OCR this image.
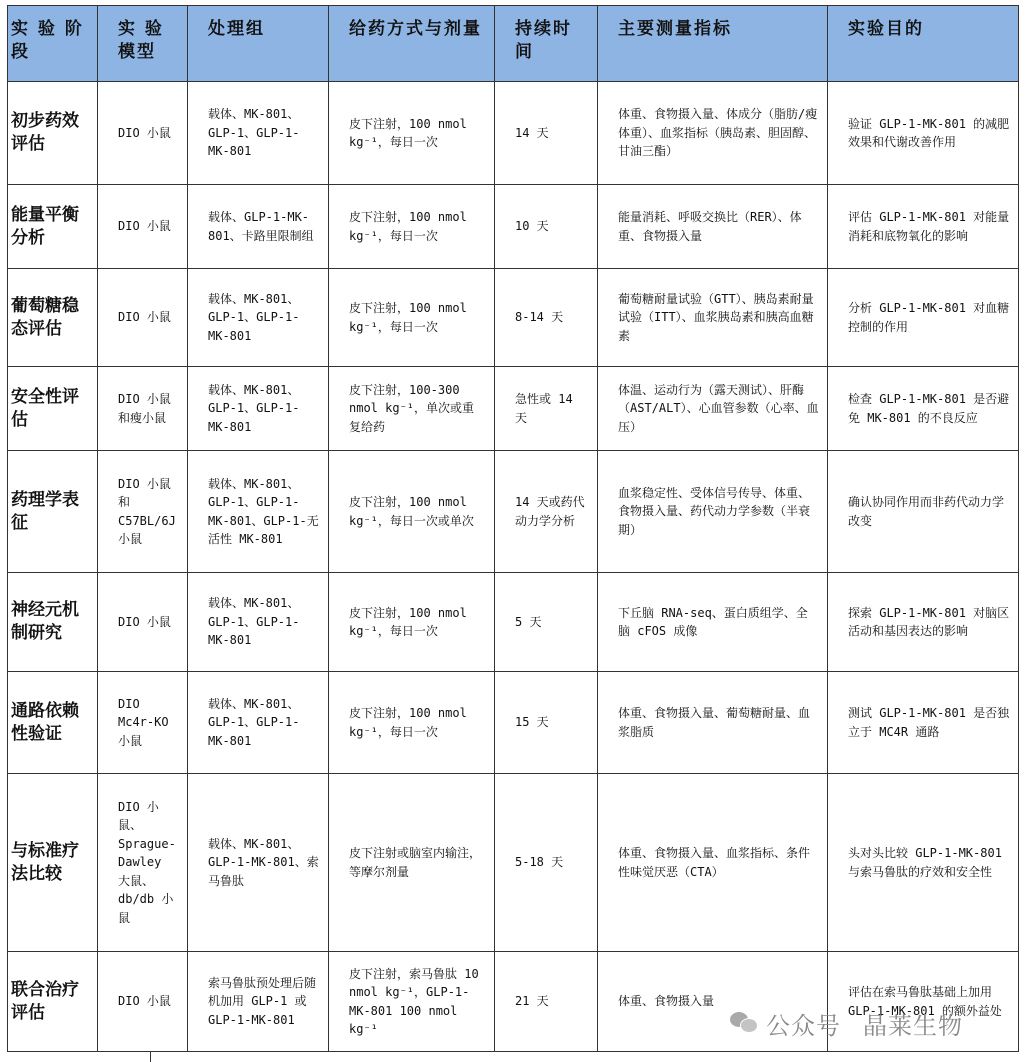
实 验 阶 段	实 验 模型	处理组	给药方式与剂量	持续时间	主要测量指标	实验目的
初步药效评估	DIO 小鼠	载体、MK-801、GLP-1、GLP-1-MK-801	皮下注射，100 nmol kg⁻¹，每日一次	14 天	体重、食物摄入量、体成分（脂肪/瘦体重）、血浆指标（胰岛素、胆固醇、甘油三酯）	验证 GLP-1-MK-801 的减肥效果和代谢改善作用
能量平衡分析	DIO 小鼠	载体、GLP-1-MK-801、卡路里限制组	皮下注射，100 nmol kg⁻¹，每日一次	10 天	能量消耗、呼吸交换比（RER）、体重、食物摄入量	评估 GLP-1-MK-801 对能量消耗和底物氧化的影响
葡萄糖稳态评估	DIO 小鼠	载体、MK-801、GLP-1、GLP-1-MK-801	皮下注射，100 nmol kg⁻¹，每日一次	8-14 天	葡萄糖耐量试验（GTT）、胰岛素耐量试验（ITT）、血浆胰岛素和胰高血糖素	分析 GLP-1-MK-801 对血糖控制的作用
安全性评估	DIO 小鼠和瘦小鼠	载体、MK-801、GLP-1、GLP-1-MK-801	皮下注射，100-300 nmol kg⁻¹，单次或重复给药	急性或 14 天	体温、运动行为（露天测试）、肝酶（AST/ALT）、心血管参数（心率、血压）	检查 GLP-1-MK-801 是否避免 MK-801 的不良反应
药理学表征	DIO 小鼠和 C57BL/6J 小鼠	载体、MK-801、GLP-1、GLP-1-MK-801、GLP-1-无活性 MK-801	皮下注射，100 nmol kg⁻¹，每日一次或单次	14 天或药代动力学分析	血浆稳定性、受体信号传导、体重、食物摄入量、药代动力学参数（半衰期）	确认协同作用而非药代动力学改变
神经元机制研究	DIO 小鼠	载体、MK-801、GLP-1、GLP-1-MK-801	皮下注射，100 nmol kg⁻¹，每日一次	5 天	下丘脑 RNA-seq、蛋白质组学、全脑 cFOS 成像	探索 GLP-1-MK-801 对脑区活动和基因表达的影响
通路依赖性验证	DIO Mc4r-KO 小鼠	载体、MK-801、GLP-1、GLP-1-MK-801	皮下注射，100 nmol kg⁻¹，每日一次	15 天	体重、食物摄入量、葡萄糖耐量、血浆脂质	测试 GLP-1-MK-801 是否独立于 MC4R 通路
与标准疗法比较	DIO 小鼠、Sprague-Dawley 大鼠、db/db 小鼠	载体、MK-801、GLP-1-MK-801、索马鲁肽	皮下注射或脑室内输注，等摩尔剂量	5-18 天	体重、食物摄入量、血浆指标、条件性味觉厌恶（CTA）	头对头比较 GLP-1-MK-801 与索马鲁肽的疗效和安全性
联合治疗评估	DIO 小鼠	索马鲁肽预处理后随机加用 GLP-1 或 GLP-1-MK-801	皮下注射，索马鲁肽 10 nmol kg⁻¹，GLP-1-MK-801 100 nmol kg⁻¹	21 天	体重、食物摄入量	评估在索马鲁肽基础上加用 GLP-1-MK-801 的额外益处
公众号 晶莱生物
